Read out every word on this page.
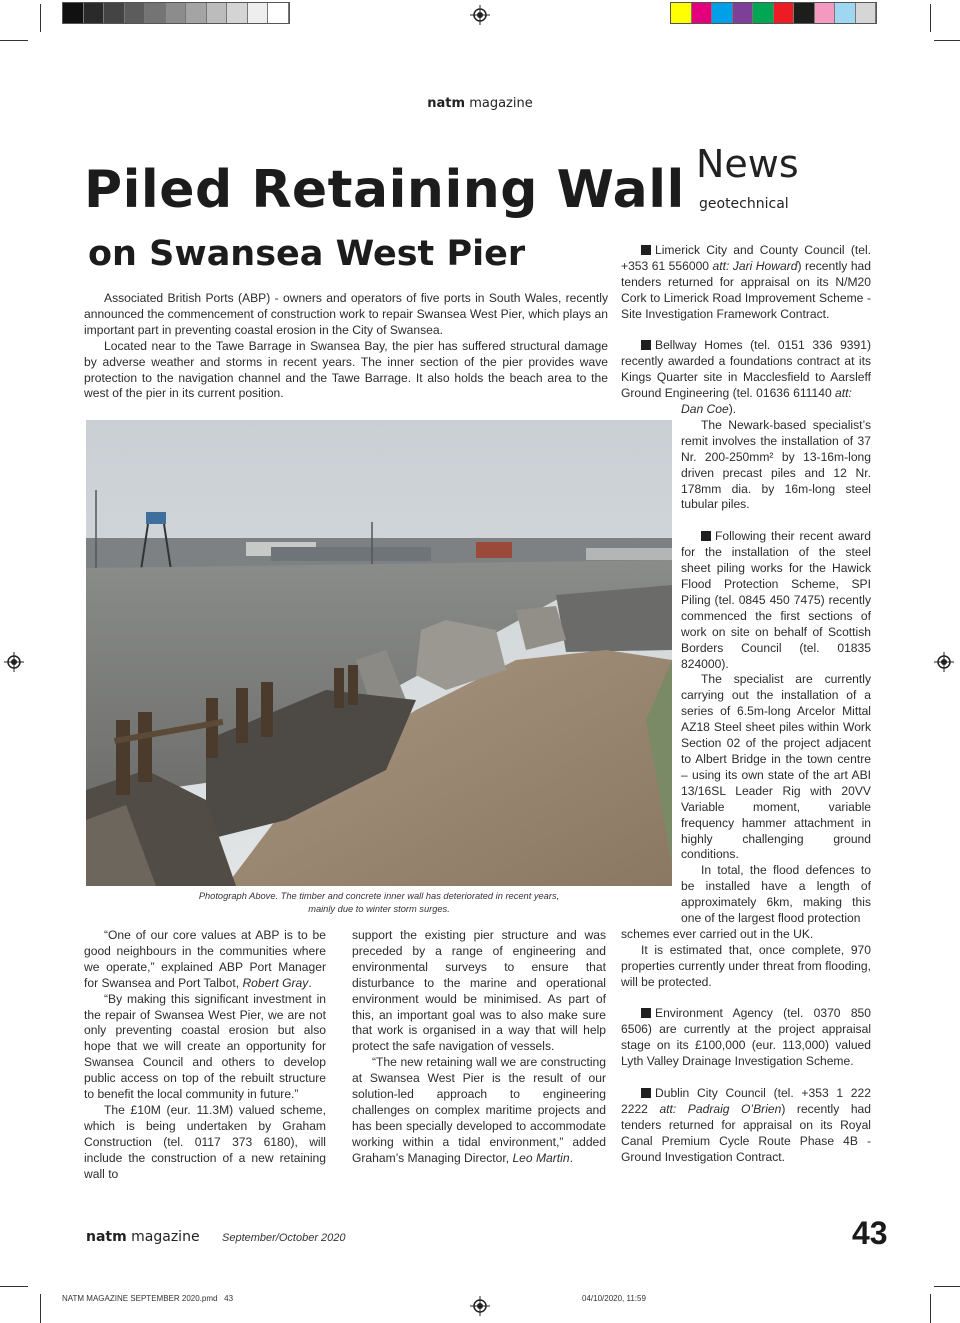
natm magazine
Piled Retaining Wall
on Swansea West Pier
News
geotechnical

Associated British Ports (ABP) - owners and operators of five ports in South Wales, recently announced the commencement of construction work to repair Swansea West Pier, which plays an important part in preventing coastal erosion in the City of Swansea.

Located near to the Tawe Barrage in Swansea Bay, the pier has suffered structural damage by adverse weather and storms in recent years. The inner section of the pier provides wave protection to the navigation channel and the Tawe Barrage. It also holds the beach area to the west of the pier in its current position.

Photograph Above. The timber and concrete inner wall has deteriorated in recent years,
mainly due to winter storm surges.

“One of our core values at ABP is to be good neighbours in the communities where we operate,” explained ABP Port Manager for Swansea and Port Talbot, Robert Gray.

“By making this significant investment in the repair of Swansea West Pier, we are not only preventing coastal erosion but also hope that we will create an opportunity for Swansea Council and others to develop public access on top of the rebuilt structure to benefit the local community in future.”

The £10M (eur. 11.3M) valued scheme, which is being undertaken by Graham Construction (tel. 0117 373 6180), will include the construction of a new retaining wall to

support the existing pier structure and was preceded by a range of engineering and environmental surveys to ensure that disturbance to the marine and operational environment would be minimised. As part of this, an important goal was to also make sure that work is organised in a way that will help protect the safe navigation of vessels.

“The new retaining wall we are constructing at Swansea West Pier is the result of our solution-led approach to engineering challenges on complex maritime projects and has been specially developed to accommodate working within a tidal environment,” added Graham’s Managing Director, Leo Martin.

Limerick City and County Council (tel. +353 61 556000 att: Jari Howard) recently had tenders returned for appraisal on its N/M20 Cork to Limerick Road Improvement Scheme - Site Investigation Framework Contract.

Bellway Homes (tel. 0151 336 9391) recently awarded a foundations contract at its Kings Quarter site in Macclesfield to Aarsleff Ground Engineering (tel. 01636 611140 att:

Dan Coe).

The Newark-based specialist’s remit involves the installation of 37 Nr. 200-250mm² by 13-16m-long driven precast piles and 12 Nr. 178mm dia. by 16m-long steel tubular piles.

Following their recent award for the installation of the steel sheet piling works for the Hawick Flood Protection Scheme, SPI Piling (tel. 0845 450 7475) recently commenced the first sections of work on site on behalf of Scottish Borders Council (tel. 01835 824000).

The specialist are currently carrying out the installation of a series of 6.5m-long Arcelor Mittal AZ18 Steel sheet piles within Work Section 02 of the project adjacent to Albert Bridge in the town centre – using its own state of the art ABI 13/16SL Leader Rig with 20VV Variable moment, variable frequency hammer attachment in highly challenging ground conditions.

In total, the flood defences to be installed have a length of approximately 6km, making this one of the largest flood protection

schemes ever carried out in the UK.

It is estimated that, once complete, 970 properties currently under threat from flooding, will be protected.

Environment Agency (tel. 0370 850 6506) are currently at the project appraisal stage on its £100,000 (eur. 113,000) valued Lyth Valley Drainage Investigation Scheme.

Dublin City Council (tel. +353 1 222 2222 att: Padraig O’Brien) recently had tenders returned for appraisal on its Royal Canal Premium Cycle Route Phase 4B - Ground Investigation Contract.

natm magazine September/October 2020	43
NATM MAGAZINE SEPTEMBER 2020.pmd   43	04/10/2020, 11:59
